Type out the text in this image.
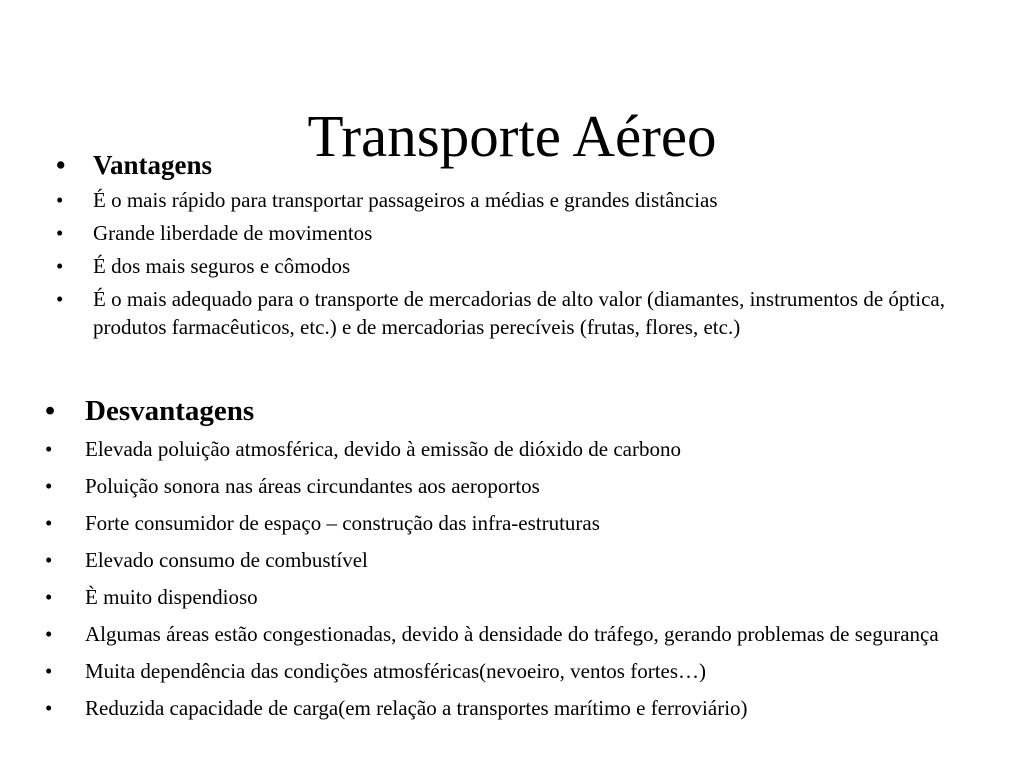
Transporte Aéreo
• Vantagens
• É o mais rápido para transportar passageiros a médias e grandes distâncias
• Grande liberdade de movimentos
• É dos mais seguros e cômodos
• É o mais adequado para o transporte de mercadorias de alto valor (diamantes, instrumentos de óptica, produtos farmacêuticos, etc.) e de mercadorias perecíveis (frutas, flores, etc.)
• Desvantagens
• Elevada poluição atmosférica, devido à emissão de dióxido de carbono
• Poluição sonora nas áreas circundantes aos aeroportos
• Forte consumidor de espaço – construção das infra-estruturas
• Elevado consumo de combustível
• È muito dispendioso
• Algumas áreas estão congestionadas, devido à densidade do tráfego, gerando problemas de segurança
• Muita dependência das condições atmosféricas(nevoeiro, ventos fortes…)
• Reduzida capacidade de carga(em relação a transportes marítimo e ferroviário)
